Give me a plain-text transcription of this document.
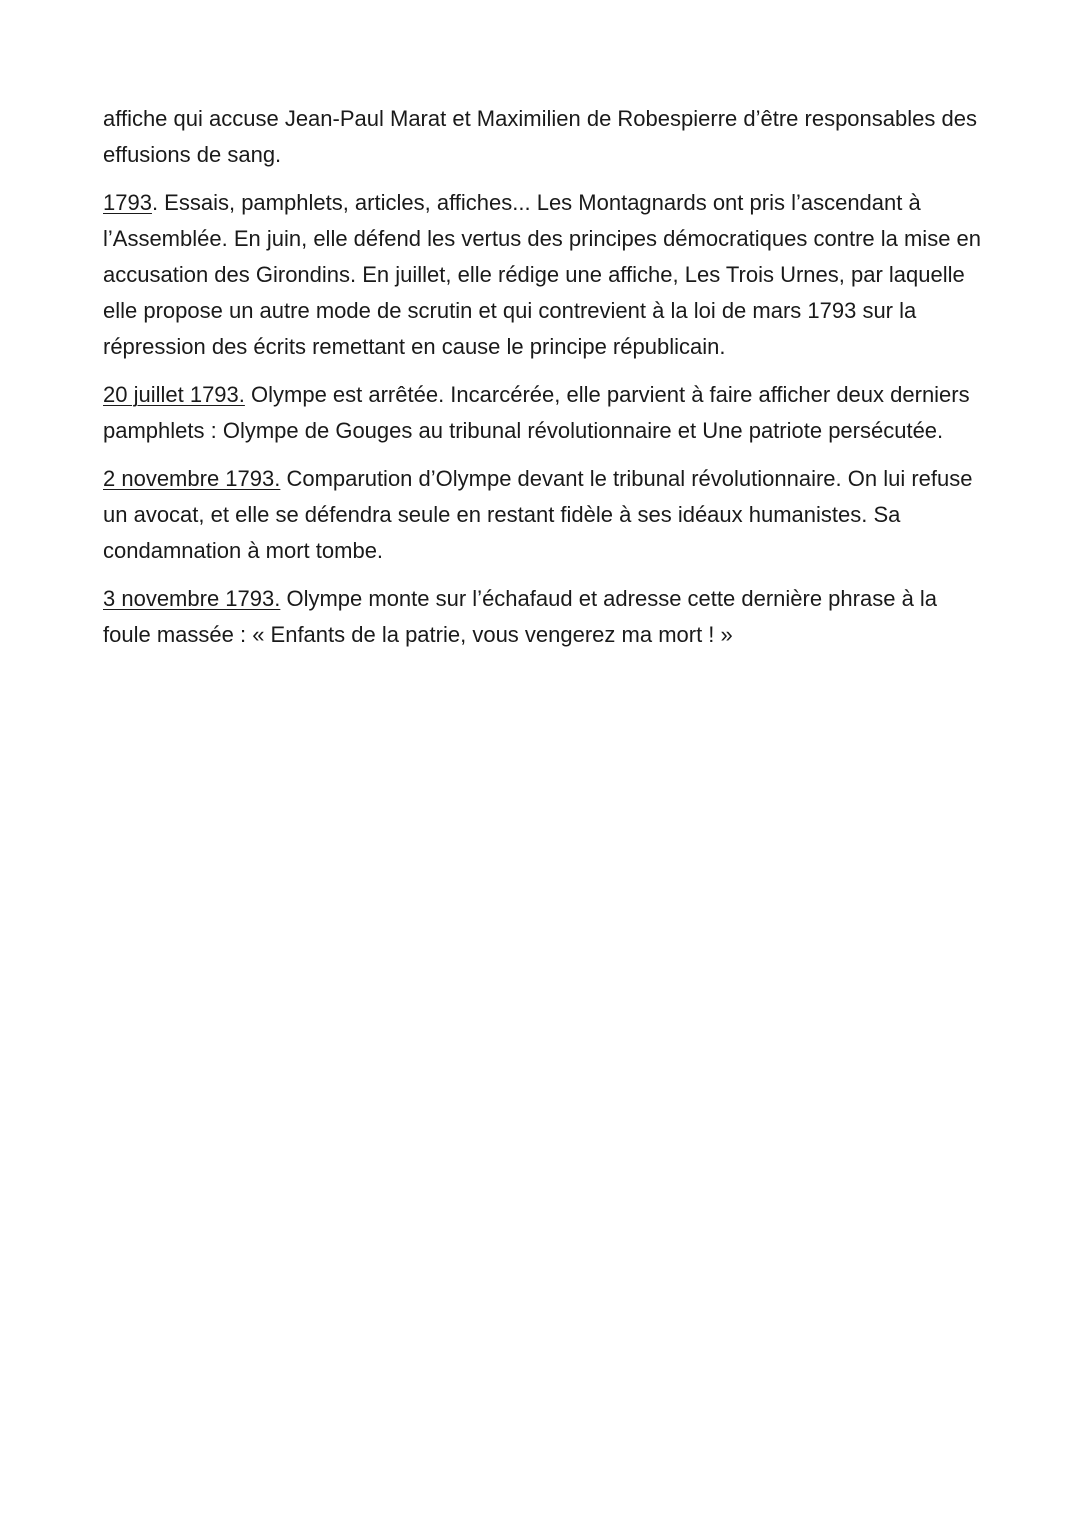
affiche qui accuse Jean-Paul Marat et Maximilien de Robespierre d’être responsables des effusions de sang.

1793. Essais, pamphlets, articles, affiches... Les Montagnards ont pris l’ascendant à l’Assemblée. En juin, elle défend les vertus des principes démocratiques contre la mise en accusation des Girondins. En juillet, elle rédige une affiche, Les Trois Urnes, par laquelle elle propose un autre mode de scrutin et qui contrevient à la loi de mars 1793 sur la répression des écrits remettant en cause le principe républicain.

20 juillet 1793. Olympe est arrêtée. Incarcérée, elle parvient à faire afficher deux derniers pamphlets : Olympe de Gouges au tribunal révolutionnaire et Une patriote persécutée.

2 novembre 1793. Comparution d’Olympe devant le tribunal révolutionnaire. On lui refuse un avocat, et elle se défendra seule en restant fidèle à ses idéaux humanistes. Sa condamnation à mort tombe.

3 novembre 1793. Olympe monte sur l’échafaud et adresse cette dernière phrase à la foule massée : « Enfants de la patrie, vous vengerez ma mort ! »
